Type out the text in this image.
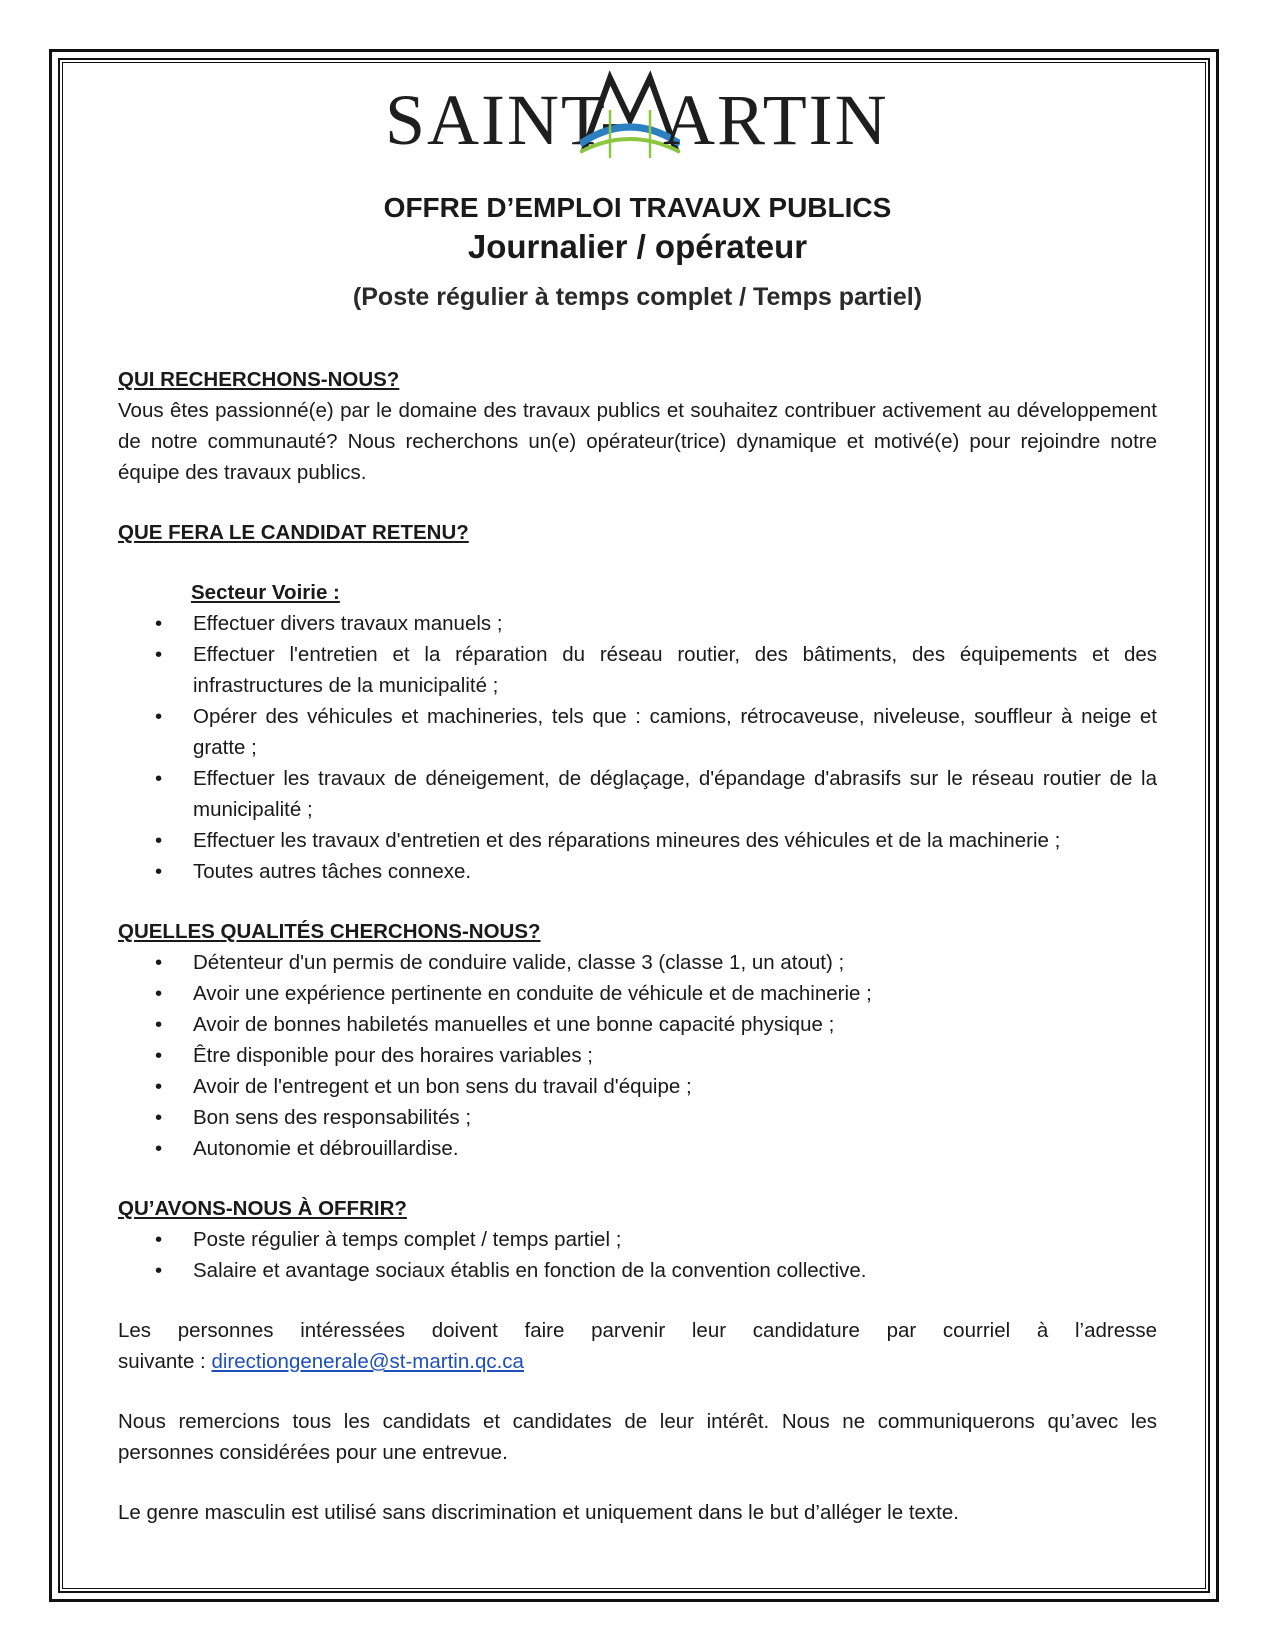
SAINT- ARTIN
OFFRE D’EMPLOI TRAVAUX PUBLICS
Journalier / opérateur
(Poste régulier à temps complet / Temps partiel)

QUI RECHERCHONS-NOUS?

Vous êtes passionné(e) par le domaine des travaux publics et souhaitez contribuer activement au développement de notre communauté? Nous recherchons un(e) opérateur(trice) dynamique et motivé(e) pour rejoindre notre équipe des travaux publics.

QUE FERA LE CANDIDAT RETENU?

Secteur Voirie :

• Effectuer divers travaux manuels ;
• Effectuer l'entretien et la réparation du réseau routier, des bâtiments, des équipements et des infrastructures de la municipalité ;
• Opérer des véhicules et machineries, tels que : camions, rétrocaveuse, niveleuse, souffleur à neige et gratte ;
• Effectuer les travaux de déneigement, de déglaçage, d'épandage d'abrasifs sur le réseau routier de la municipalité ;
• Effectuer les travaux d'entretien et des réparations mineures des véhicules et de la machinerie ;
• Toutes autres tâches connexe.

QUELLES QUALITÉS CHERCHONS-NOUS?

• Détenteur d'un permis de conduire valide, classe 3 (classe 1, un atout) ;
• Avoir une expérience pertinente en conduite de véhicule et de machinerie ;
• Avoir de bonnes habiletés manuelles et une bonne capacité physique ;
• Être disponible pour des horaires variables ;
• Avoir de l'entregent et un bon sens du travail d'équipe ;
• Bon sens des responsabilités ;
• Autonomie et débrouillardise.

QU’AVONS-NOUS À OFFRIR?

• Poste régulier à temps complet / temps partiel ;
• Salaire et avantage sociaux établis en fonction de la convention collective.

Les personnes intéressées doivent faire parvenir leur candidature par courriel à l’adresse

suivante : directiongenerale@st-martin.qc.ca

Nous remercions tous les candidats et candidates de leur intérêt. Nous ne communiquerons qu’avec les

personnes considérées pour une entrevue.

Le genre masculin est utilisé sans discrimination et uniquement dans le but d’alléger le texte.
